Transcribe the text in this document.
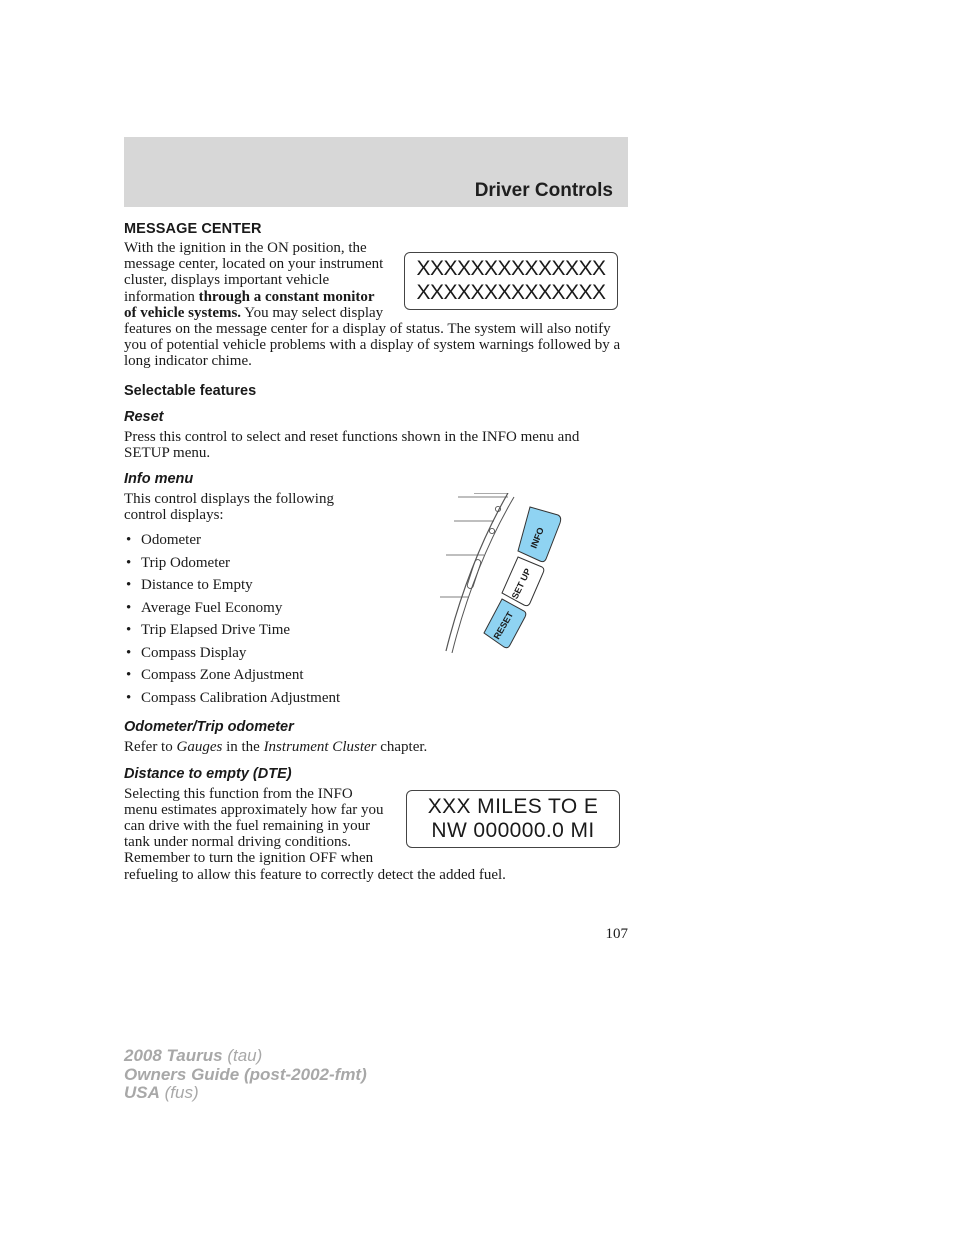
Driver Controls
MESSAGE CENTER
XXXXXXXXXXXXXX
XXXXXXXXXXXXXX

With the ignition in the ON position, the message center, located on your instrument cluster, displays important vehicle information through a constant monitor of vehicle systems. You may select display features on the message center for a display of status. The system will also notify you of potential vehicle problems with a display of system warnings followed by a long indicator chime.

Selectable features
Reset

Press this control to select and reset functions shown in the INFO menu and SETUP menu.

Info menu
INFO
SET UP
RESET

This control displays the following control displays:

• Odometer
• Trip Odometer
• Distance to Empty
• Average Fuel Economy
• Trip Elapsed Drive Time
• Compass Display
• Compass Zone Adjustment
• Compass Calibration Adjustment
Odometer/Trip odometer

Refer to Gauges in the Instrument Cluster chapter.

Distance to empty (DTE)
XXX MILES TO E
NW 000000.0 MI

Selecting this function from the INFO menu estimates approximately how far you can drive with the fuel remaining in your tank under normal driving conditions. Remember to turn the ignition OFF when refueling to allow this feature to correctly detect the added fuel.

107
2008 Taurus (tau)
Owners Guide (post-2002-fmt)
USA (fus)
